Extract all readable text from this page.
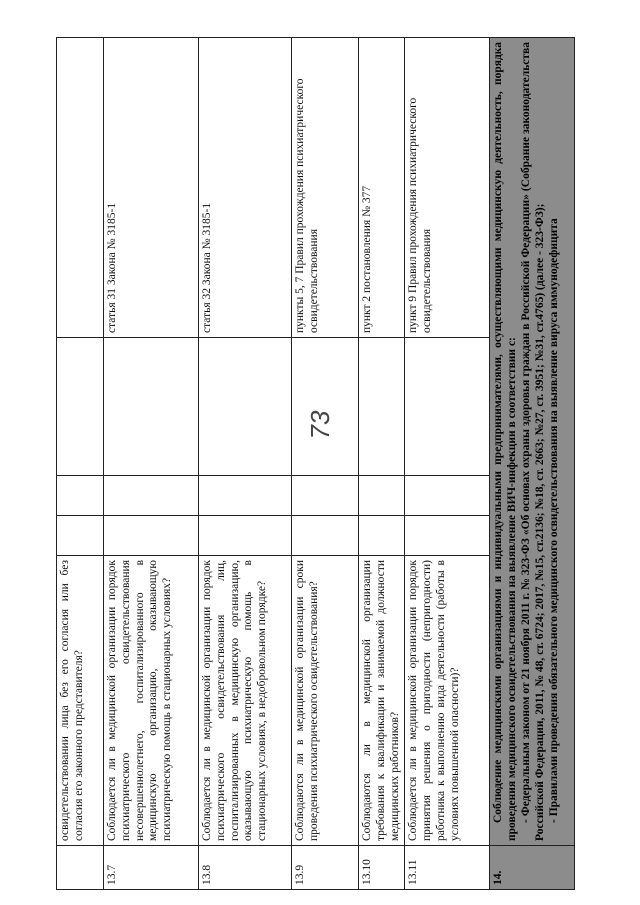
73
	освидетельствовании лица без его согласия или без согласия его законного представителя?				
13.7	Соблюдается ли в медицинской организации порядок психиатрического освидетельствования несовершеннолетнего, госпитализированного в медицинскую организацию, оказывающую психиатрическую помощь в стационарных условиях?				статья 31 Закона № 3185-1
13.8	Соблюдается ли в медицинской организации порядок психиатрического освидетельствования лиц, госпитализированных в медицинскую организацию, оказывающую психиатрическую помощь в стационарных условиях, в недобровольном порядке?				статья 32 Закона № 3185-1
13.9	Соблюдаются ли в медицинской организации сроки проведения психиатрического освидетельствования?				пункты 5, 7 Правил прохождения психиатрического освидетельствования
13.10	Соблюдаются ли в медицинской организации требования к квалификации и занимаемой должности медицинских работников?				пункт 2 постановления № 377
13.11	Соблюдается ли в медицинской организации порядок принятия решения о пригодности (непригодности) работника к выполнению вида деятельности (работы в условиях повышенной опасности)?				пункт 9 Правил прохождения психиатрического освидетельствования
14.	Соблюдение медицинскими организациями и индивидуальными предпринимателями, осуществляющими медицинскую деятельность, порядка проведения медицинского освидетельствования на выявление ВИЧ-инфекции в соответствии с: - Федеральным законом от 21 ноября 2011 г. № 323-ФЗ «Об основах охраны здоровья граждан в Российской Федерации» (Собрание законодательства Российской Федерации, 2011, № 48, ст. 6724; 2017, №15, ст.2136; №18, ст. 2663; №27, ст. 3951; №31, ст.4765) (далее - 323-ФЗ); - Правилами проведения обязательного медицинского освидетельствования на выявление вируса иммунодефицита				
